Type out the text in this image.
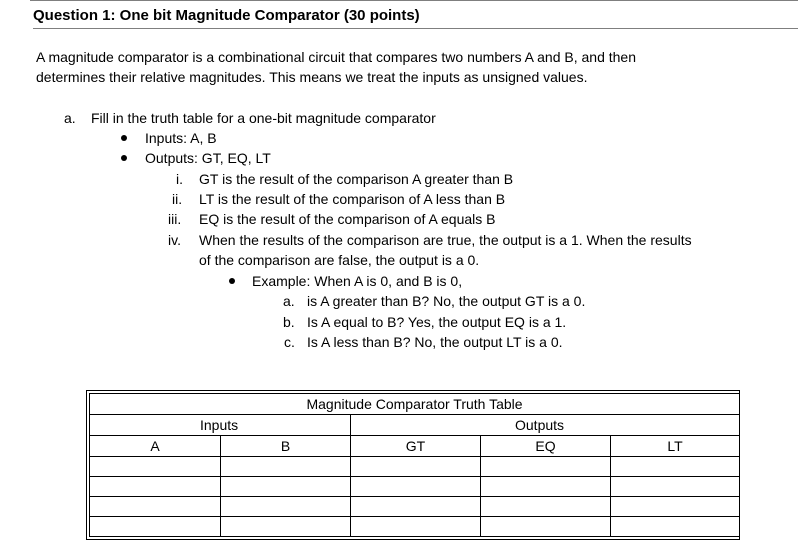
Question 1: One bit Magnitude Comparator (30 points)
A magnitude comparator is a combinational circuit that compares two numbers A and B, and then
determines their relative magnitudes. This means we treat the inputs as unsigned values.
a. Fill in the truth table for a one-bit magnitude comparator
Inputs: A, B
Outputs: GT, EQ, LT
i. GT is the result of the comparison A greater than B
ii. LT is the result of the comparison of A less than B
iii. EQ is the result of the comparison of A equals B
iv. When the results of the comparison are true, the output is a 1. When the results
of the comparison are false, the output is a 0.
Example: When A is 0, and B is 0,
a. is A greater than B? No, the output GT is a 0.
b. Is A equal to B? Yes, the output EQ is a 1.
c. Is A less than B? No, the output LT is a 0.
Magnitude Comparator Truth Table				
Inputs		Outputs		
A	B	GT	EQ	LT
